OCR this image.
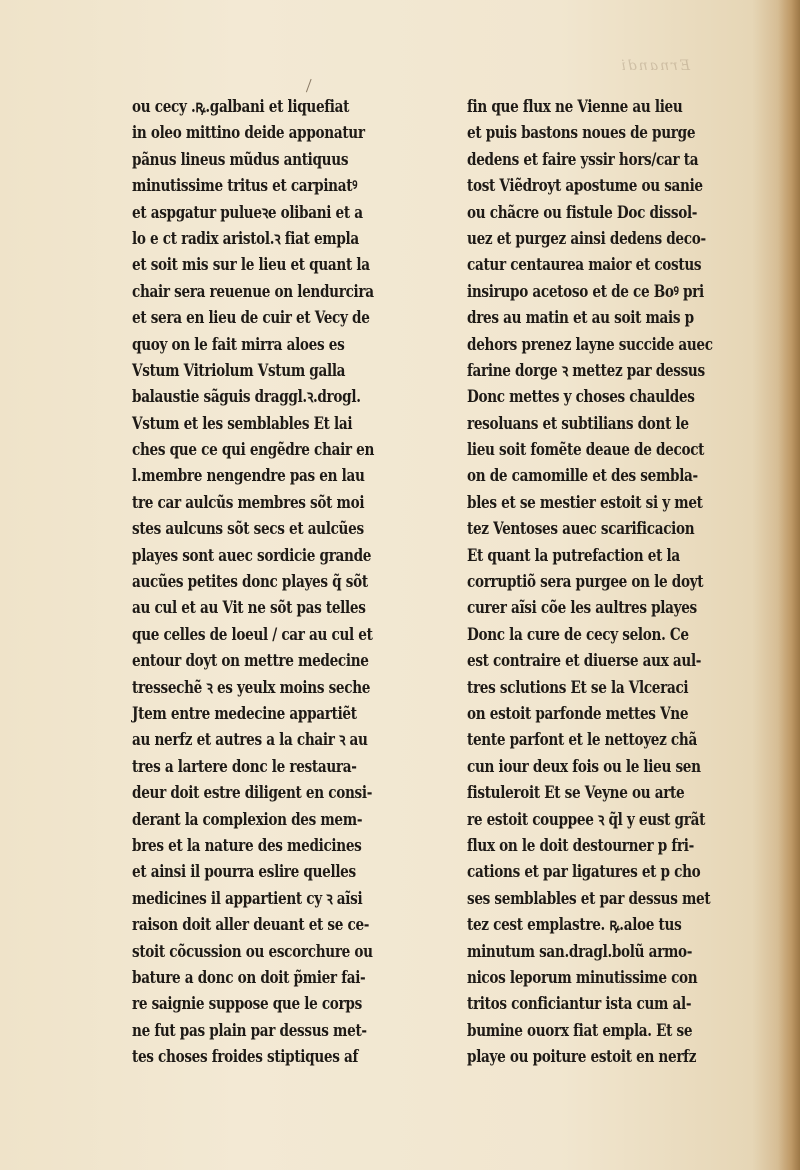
Ernandi
ou cecy .ꝶ.galbani et liquefiat
in oleo mittino deide apponatur
pãnus lineus mũdus antiquus
minutissime tritus et carpinatꝰ
et aspgatur pulueꝛe olibani et a
lo e ct radix aristol.ꝛ fiat empla
et soit mis sur le lieu et quant la
chair sera reuenue on lendurcira
et sera en lieu de cuir et Vecy de
quoy on le fait mirra aloes es
Vstum Vitriolum Vstum galla
balaustie sãguis draggl.ꝛ.drogl.
Vstum et les semblables Et lai
ches que ce qui engẽdre chair en
l.membre nengendre pas en lau
tre car aulcũs membres sõt moi
stes aulcuns sõt secs et aulcũes
playes sont auec sordicie grande
aucũes petites donc playes q̃ sõt
au cul et au Vit ne sõt pas telles
que celles de loeul / car au cul et
entour doyt on mettre medecine
tressechẽ ꝛ es yeulx moins seche
Jtem entre medecine appartiẽt
au nerfz et autres a la chair ꝛ au
tres a lartere donc le restaura-
deur doit estre diligent en consi-
derant la complexion des mem-
bres et la nature des medicines
et ainsi il pourra eslire quelles
medicines il appartient cy ꝛ aĩsi
raison doit aller deuant et se ce-
stoit cõcussion ou escorchure ou
bature a donc on doit p̃mier fai-
re saignie suppose que le corps
ne fut pas plain par dessus met-
tes choses froides stiptiques af
fin que flux ne Vienne au lieu
et puis bastons noues de purge
dedens et faire yssir hors/car ta
tost Viẽdroyt apostume ou sanie
ou chãcre ou fistule Doc dissol-
uez et purgez ainsi dedens deco-
catur centaurea maior et costus
insirupo acetoso et de ce Boꝰ pri
dres au matin et au soit mais p
dehors prenez layne succide auec
farine dorge ꝛ mettez par dessus
Donc mettes y choses chauldes
resoluans et subtilians dont le
lieu soit fomẽte deaue de decoct
on de camomille et des sembla-
bles et se mestier estoit si y met
tez Ventoses auec scarificacion
Et quant la putrefaction et la
corruptiõ sera purgee on le doyt
curer aĩsi cõe les aultres playes
Donc la cure de cecy selon. Ce
est contraire et diuerse aux aul-
tres sclutions Et se la Vlceraci
on estoit parfonde mettes Vne
tente parfont et le nettoyez chã
cun iour deux fois ou le lieu sen
fistuleroit Et se Veyne ou arte
re estoit couppee ꝛ q̃l y eust grãt
flux on le doit destourner p fri-
cations et par ligatures et p cho
ses semblables et par dessus met
tez cest emplastre. ꝶ.aloe tus
minutum san.dragl.bolũ armo-
nicos leporum minutissime con
tritos conficiantur ista cum al-
bumine ouorx fiat empla. Et se
playe ou poiture estoit en nerfz
